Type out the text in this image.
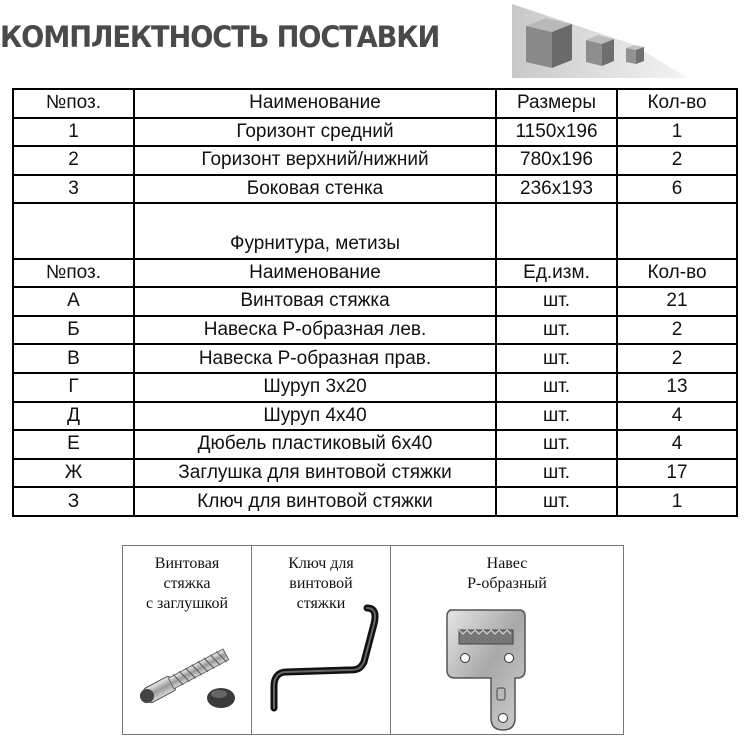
КОМПЛЕКТНОСТЬ ПОСТАВКИ
№поз.	Наименование	Размеры	Кол-во
1	Горизонт средний	1150x196	1
2	Горизонт верхний/нижний	780x196	2
3	Боковая стенка	236x193	6

	Фурнитура, метизы		
№поз.	Наименование	Ед.изм.	Кол-во
А	Винтовая стяжка	шт.	21
Б	Навеска Р-образная лев.	шт.	2
В	Навеска Р-образная прав.	шт.	2
Г	Шуруп 3x20	шт.	13
Д	Шуруп 4x40	шт.	4
Е	Дюбель пластиковый 6x40	шт.	4
Ж	Заглушка для винтовой стяжки	шт.	17
З	Ключ для винтовой стяжки	шт.	1
Винтовая
стяжка
с заглушкой
Ключ для
винтовой
стяжки
Навес
Р-образный
